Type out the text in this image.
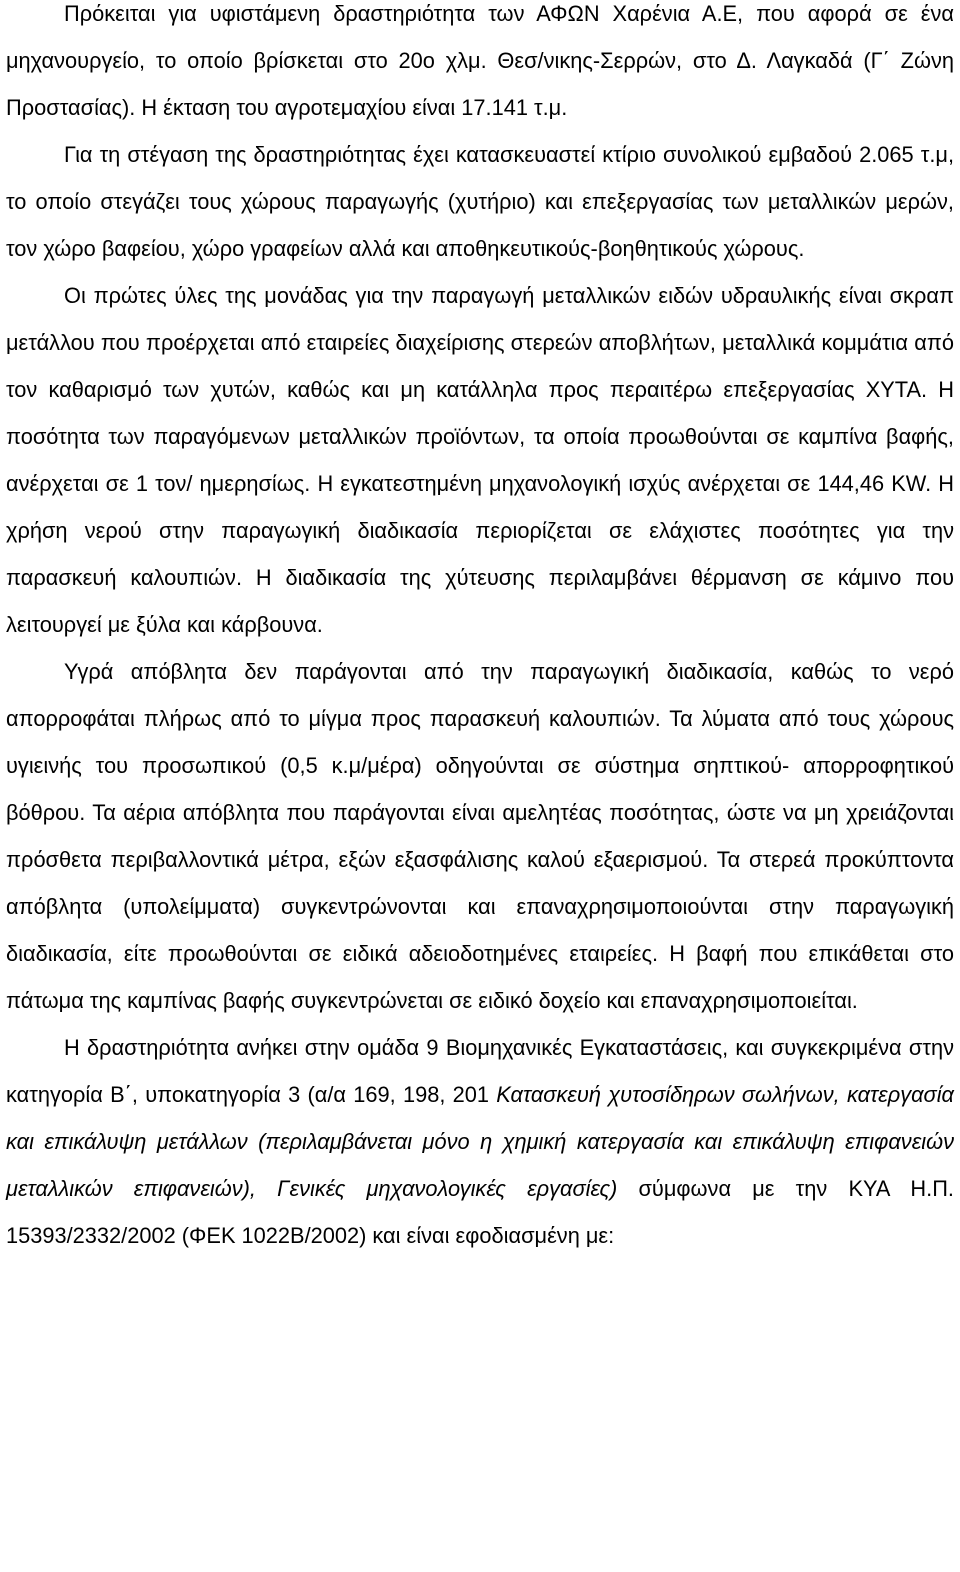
Πρόκειται για υφιστάμενη δραστηριότητα των ΑΦΩΝ Χαρένια Α.Ε, που αφορά σε ένα μηχανουργείο, το οποίο βρίσκεται στο 20ο χλμ. Θεσ/νικης-Σερρών, στο Δ. Λαγκαδά (Γ΄ Ζώνη Προστασίας). Η έκταση του αγροτεμαχίου είναι 17.141 τ.μ.

Για τη στέγαση της δραστηριότητας έχει κατασκευαστεί κτίριο συνολικού εμβαδού 2.065 τ.μ, το οποίο στεγάζει τους χώρους παραγωγής (χυτήριο) και επεξεργασίας των μεταλλικών μερών, τον χώρο βαφείου, χώρο γραφείων αλλά και αποθηκευτικούς-βοηθητικούς χώρους.

Οι πρώτες ύλες της μονάδας για την παραγωγή μεταλλικών ειδών υδραυλικής είναι σκραπ μετάλλου που προέρχεται από εταιρείες διαχείρισης στερεών αποβλήτων, μεταλλικά κομμάτια από τον καθαρισμό των χυτών, καθώς και μη κατάλληλα προς περαιτέρω επεξεργασίας ΧΥΤΑ. Η ποσότητα των παραγόμενων μεταλλικών προϊόντων, τα οποία προωθούνται σε καμπίνα βαφής, ανέρχεται σε 1 τον/ ημερησίως. Η εγκατεστημένη μηχανολογική ισχύς ανέρχεται σε 144,46 KW. Η χρήση νερού στην παραγωγική διαδικασία περιορίζεται σε ελάχιστες ποσότητες για την παρασκευή καλουπιών. Η διαδικασία της χύτευσης περιλαμβάνει θέρμανση σε κάμινο που λειτουργεί με ξύλα και κάρβουνα.

Υγρά απόβλητα δεν παράγονται από την παραγωγική διαδικασία, καθώς το νερό απορροφάται πλήρως από το μίγμα προς παρασκευή καλουπιών. Τα λύματα από τους χώρους υγιεινής του προσωπικού (0,5 κ.μ/μέρα) οδηγούνται σε σύστημα σηπτικού- απορροφητικού βόθρου. Τα αέρια απόβλητα που παράγονται είναι αμελητέας ποσότητας, ώστε να μη χρειάζονται πρόσθετα περιβαλλοντικά μέτρα, εξών εξασφάλισης καλού εξαερισμού. Τα στερεά προκύπτοντα απόβλητα (υπολείμματα) συγκεντρώνονται και επαναχρησιμοποιούνται στην παραγωγική διαδικασία, είτε προωθούνται σε ειδικά αδειοδοτημένες εταιρείες. Η βαφή που επικάθεται στο πάτωμα της καμπίνας βαφής συγκεντρώνεται σε ειδικό δοχείο και επαναχρησιμοποιείται.

Η δραστηριότητα ανήκει στην ομάδα 9 Βιομηχανικές Εγκαταστάσεις, και συγκεκριμένα στην κατηγορία Β΄, υποκατηγορία 3 (α/α 169, 198, 201 Κατασκευή χυτοσίδηρων σωλήνων, κατεργασία και επικάλυψη μετάλλων (περιλαμβάνεται μόνο η χημική κατεργασία και επικάλυψη επιφανειών μεταλλικών επιφανειών), Γενικές μηχανολογικές εργασίες) σύμφωνα με την ΚΥΑ Η.Π. 15393/2332/2002 (ΦΕΚ 1022Β/2002) και είναι εφοδιασμένη με:
